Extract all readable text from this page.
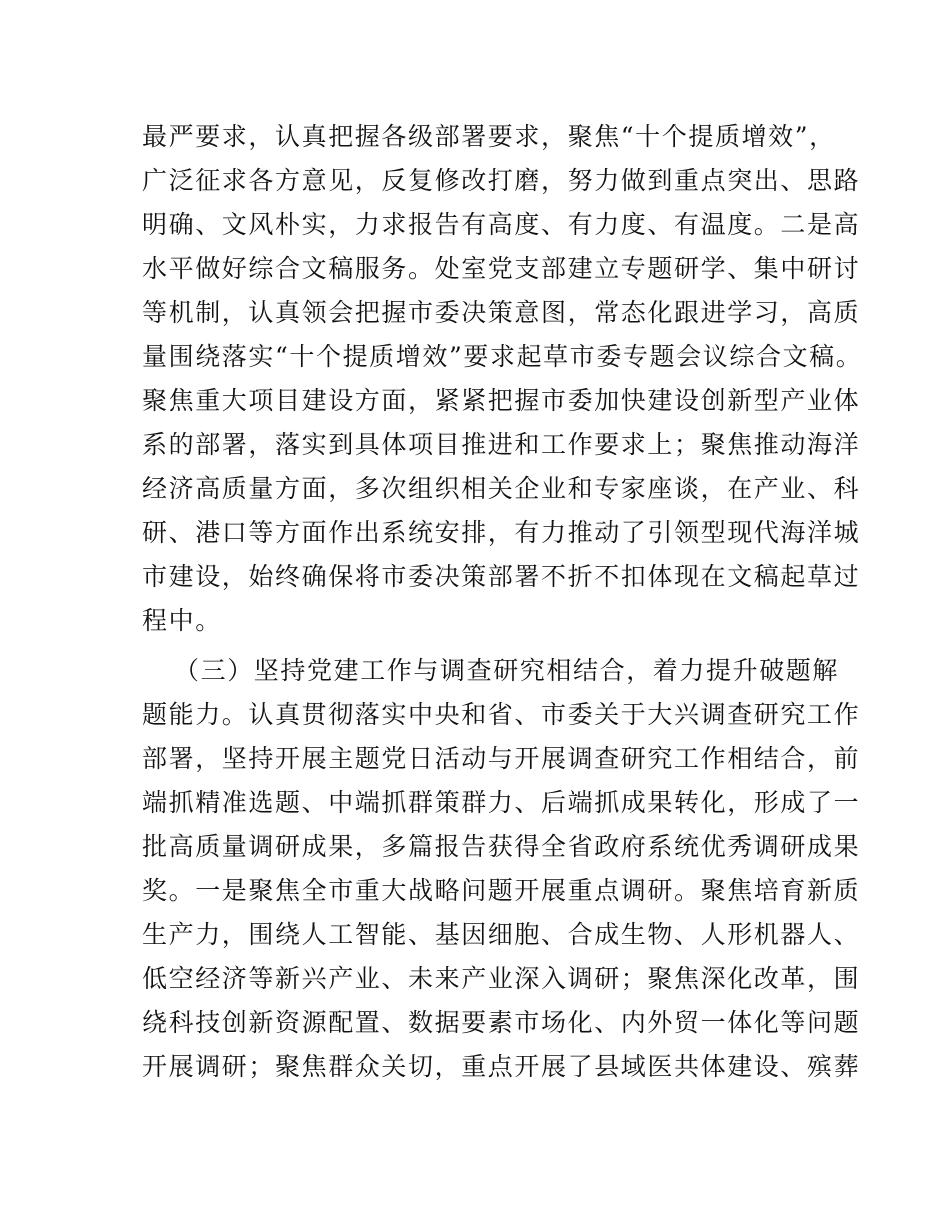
最严要求，认真把握各级部署要求，聚焦“十个提质增效”，
广泛征求各方意见，反复修改打磨，努力做到重点突出、思路
明确、文风朴实，力求报告有高度、有力度、有温度。二是高
水平做好综合文稿服务。处室党支部建立专题研学、集中研讨
等机制，认真领会把握市委决策意图，常态化跟进学习，高质
量围绕落实“十个提质增效”要求起草市委专题会议综合文稿。
聚焦重大项目建设方面，紧紧把握市委加快建设创新型产业体
系的部署，落实到具体项目推进和工作要求上；聚焦推动海洋
经济高质量方面，多次组织相关企业和专家座谈，在产业、科
研、港口等方面作出系统安排，有力推动了引领型现代海洋城
市建设，始终确保将市委决策部署不折不扣体现在文稿起草过
程中。
（三）坚持党建工作与调查研究相结合，着力提升破题解
题能力。认真贯彻落实中央和省、市委关于大兴调查研究工作
部署，坚持开展主题党日活动与开展调查研究工作相结合，前
端抓精准选题、中端抓群策群力、后端抓成果转化，形成了一
批高质量调研成果，多篇报告获得全省政府系统优秀调研成果
奖。一是聚焦全市重大战略问题开展重点调研。聚焦培育新质
生产力，围绕人工智能、基因细胞、合成生物、人形机器人、
低空经济等新兴产业、未来产业深入调研；聚焦深化改革，围
绕科技创新资源配置、数据要素市场化、内外贸一体化等问题
开展调研；聚焦群众关切，重点开展了县域医共体建设、殡葬
